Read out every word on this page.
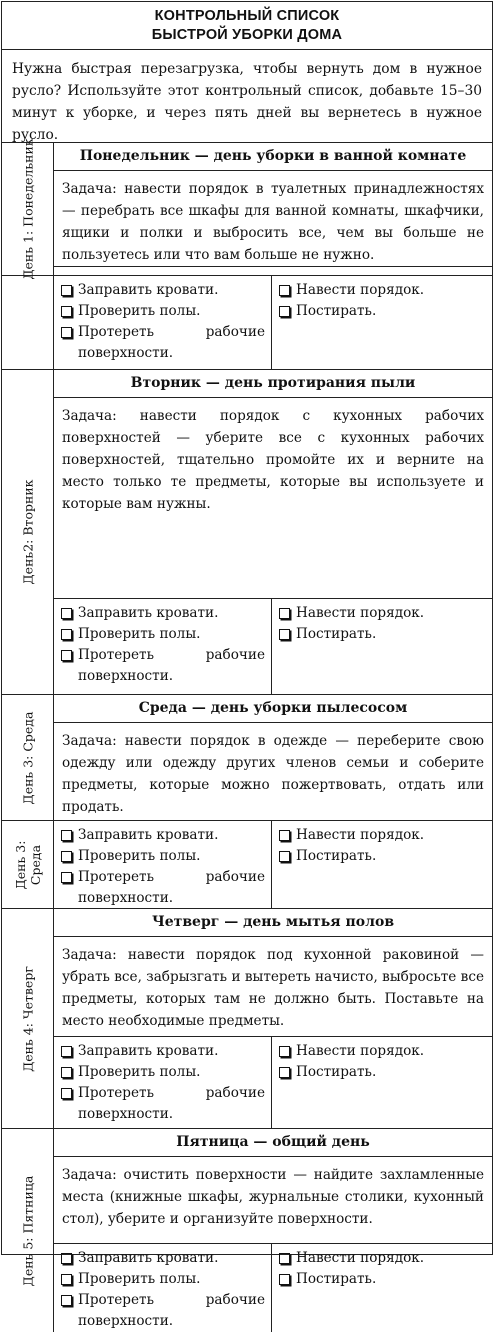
КОНТРОЛЬНЫЙ СПИСОК
БЫСТРОЙ УБОРКИ ДОМА
Нужна быстрая перезагрузка, чтобы вернуть дом в нужное русло? Используйте этот контрольный список, добавьте 15–30 минут к уборке, и через пять дней вы вернетесь в нужное русло.
День 1: Понедельник	Понедельник — день уборки в ванной комнате
Задача: навести порядок в туалетных принадлежностях — перебрать все шкафы для ванной комнаты, шкафчики, ящики и полки и выбросить все, чем вы больше не пользуетесь или что вам больше не нужно.
Заправить кровати.
Проверить полы.
Протереть рабочие поверхности.
Навести порядок.
Постирать.
День2: Вторник
Вторник — день протирания пыли
Задача: навести порядок с кухонных рабочих поверхностей — уберите все с кухонных рабочих поверхностей, тщательно промойте их и верните на место только те предметы, которые вы используете и которые вам нужны.
Заправить кровати.
Проверить полы.
Протереть рабочие поверхности.
Навести порядок.
Постирать.
День 3: Среда
Среда — день уборки пылесосом
Задача: навести порядок в одежде — переберите свою одежду или одежду других членов семьи и соберите предметы, которые можно пожертвовать, отдать или продать.
День 3: Среда
Заправить кровати.
Проверить полы.
Протереть рабочие поверхности.
Навести порядок.
Постирать.
День 4: Четверг
Четверг — день мытья полов
Задача: навести порядок под кухонной раковиной — убрать все, забрызгать и вытереть начисто, выбросьте все предметы, которых там не должно быть. Поставьте на место необходимые предметы.
Заправить кровати.
Проверить полы.
Протереть рабочие поверхности.
Навести порядок.
Постирать.
День 5: Пятница
Пятница — общий день
Задача: очистить поверхности — найдите захламленные места (книжные шкафы, журнальные столики, кухонный стол), уберите и организуйте поверхности.
Заправить кровати.
Проверить полы.
Протереть рабочие поверхности.
Навести порядок.
Постирать.
